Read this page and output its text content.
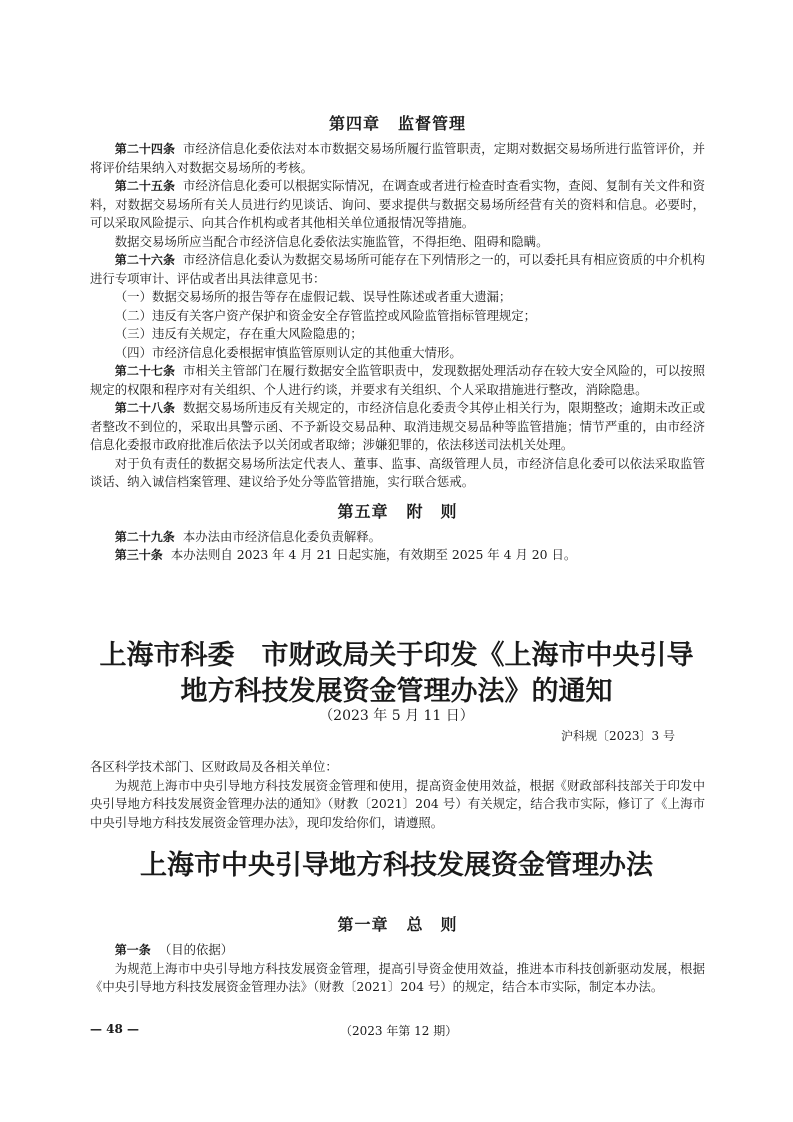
第四章 监督管理

第二十四条 市经济信息化委依法对本市数据交易场所履行监管职责，定期对数据交易场所进行监管评价，并将评价结果纳入对数据交易场所的考核。

第二十五条 市经济信息化委可以根据实际情况，在调查或者进行检查时查看实物，查阅、复制有关文件和资料，对数据交易场所有关人员进行约见谈话、询问、要求提供与数据交易场所经营有关的资料和信息。必要时，可以采取风险提示、向其合作机构或者其他相关单位通报情况等措施。

数据交易场所应当配合市经济信息化委依法实施监管，不得拒绝、阻碍和隐瞒。

第二十六条 市经济信息化委认为数据交易场所可能存在下列情形之一的，可以委托具有相应资质的中介机构进行专项审计、评估或者出具法律意见书：

（一）数据交易场所的报告等存在虚假记载、误导性陈述或者重大遗漏；

（二）违反有关客户资产保护和资金安全存管监控或风险监管指标管理规定；

（三）违反有关规定，存在重大风险隐患的；

（四）市经济信息化委根据审慎监管原则认定的其他重大情形。

第二十七条 市相关主管部门在履行数据安全监管职责中，发现数据处理活动存在较大安全风险的，可以按照规定的权限和程序对有关组织、个人进行约谈，并要求有关组织、个人采取措施进行整改，消除隐患。

第二十八条 数据交易场所违反有关规定的，市经济信息化委责令其停止相关行为，限期整改；逾期未改正或者整改不到位的，采取出具警示函、不予新设交易品种、取消违规交易品种等监管措施；情节严重的，由市经济信息化委报市政府批准后依法予以关闭或者取缔；涉嫌犯罪的，依法移送司法机关处理。

对于负有责任的数据交易场所法定代表人、董事、监事、高级管理人员，市经济信息化委可以依法采取监管谈话、纳入诚信档案管理、建议给予处分等监管措施，实行联合惩戒。

第五章 附　则

第二十九条 本办法由市经济信息化委负责解释。

第三十条 本办法则自 2023 年 4 月 21 日起实施，有效期至 2025 年 4 月 20 日。

上海市科委　市财政局关于印发《上海市中央引导
地方科技发展资金管理办法》的通知
（2023 年 5 月 11 日）
沪科规〔2023〕3 号

各区科学技术部门、区财政局及各相关单位：

为规范上海市中央引导地方科技发展资金管理和使用，提高资金使用效益，根据《财政部科技部关于印发中央引导地方科技发展资金管理办法的通知》（财教〔2021〕204 号）有关规定，结合我市实际，修订了《上海市中央引导地方科技发展资金管理办法》，现印发给你们，请遵照。

上海市中央引导地方科技发展资金管理办法
第一章 总　则

第一条 （目的依据）

为规范上海市中央引导地方科技发展资金管理，提高引导资金使用效益，推进本市科技创新驱动发展，根据《中央引导地方科技发展资金管理办法》（财教〔2021〕204 号）的规定，结合本市实际，制定本办法。

— 48 —	（2023 年第 12 期）
